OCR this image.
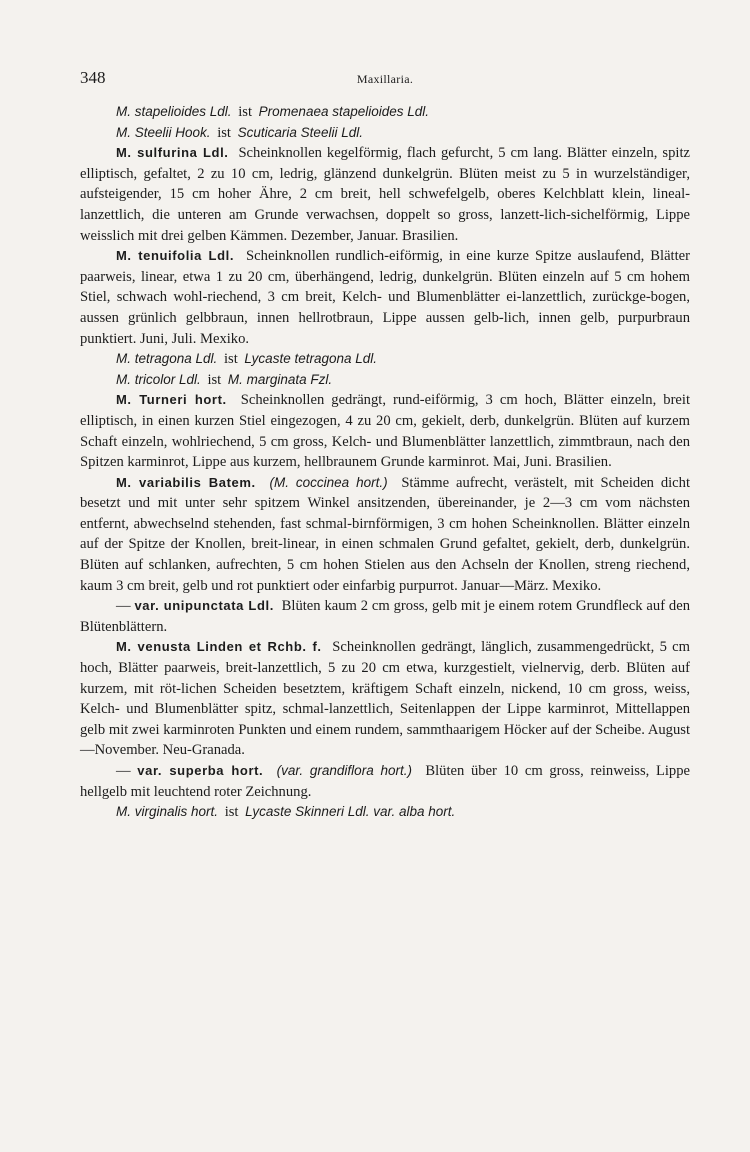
348	Maxillaria.

M. stapelioides Ldl. ist Promenaea stapelioides Ldl.

M. Steelii Hook. ist Scuticaria Steelii Ldl.

M. sulfurina Ldl. Scheinknollen kegelförmig, flach gefurcht, 5 cm lang. Blätter einzeln, spitz elliptisch, gefaltet, 2 zu 10 cm, ledrig, glänzend dunkelgrün. Blüten meist zu 5 in wurzelständiger, aufsteigender, 15 cm hoher Ähre, 2 cm breit, hell schwefelgelb, oberes Kelchblatt klein, lineal-lanzettlich, die unteren am Grunde verwachsen, doppelt so gross, lanzett-lich-sichelförmig, Lippe weisslich mit drei gelben Kämmen. Dezember, Januar. Brasilien.

M. tenuifolia Ldl. Scheinknollen rundlich-eiförmig, in eine kurze Spitze auslaufend, Blätter paarweis, linear, etwa 1 zu 20 cm, überhängend, ledrig, dunkelgrün. Blüten einzeln auf 5 cm hohem Stiel, schwach wohl-riechend, 3 cm breit, Kelch- und Blumenblätter ei-lanzettlich, zurückge-bogen, aussen grünlich gelbbraun, innen hellrotbraun, Lippe aussen gelb-lich, innen gelb, purpurbraun punktiert. Juni, Juli. Mexiko.

M. tetragona Ldl. ist Lycaste tetragona Ldl.

M. tricolor Ldl. ist M. marginata Fzl.

M. Turneri hort. Scheinknollen gedrängt, rund-eiförmig, 3 cm hoch, Blätter einzeln, breit elliptisch, in einen kurzen Stiel eingezogen, 4 zu 20 cm, gekielt, derb, dunkelgrün. Blüten auf kurzem Schaft einzeln, wohlriechend, 5 cm gross, Kelch- und Blumenblätter lanzettlich, zimmtbraun, nach den Spitzen karminrot, Lippe aus kurzem, hellbraunem Grunde karminrot. Mai, Juni. Brasilien.

M. variabilis Batem. (M. coccinea hort.) Stämme aufrecht, verästelt, mit Scheiden dicht besetzt und mit unter sehr spitzem Winkel ansitzenden, übereinander, je 2—3 cm vom nächsten entfernt, abwechselnd stehenden, fast schmal-birnförmigen, 3 cm hohen Scheinknollen. Blätter einzeln auf der Spitze der Knollen, breit-linear, in einen schmalen Grund gefaltet, gekielt, derb, dunkelgrün. Blüten auf schlanken, aufrechten, 5 cm hohen Stielen aus den Achseln der Knollen, streng riechend, kaum 3 cm breit, gelb und rot punktiert oder einfarbig purpurrot. Januar—März. Mexiko.

— var. unipunctata Ldl. Blüten kaum 2 cm gross, gelb mit je einem rotem Grundfleck auf den Blütenblättern.

M. venusta Linden et Rchb. f. Scheinknollen gedrängt, länglich, zusammengedrückt, 5 cm hoch, Blätter paarweis, breit-lanzettlich, 5 zu 20 cm etwa, kurzgestielt, vielnervig, derb. Blüten auf kurzem, mit röt-lichen Scheiden besetztem, kräftigem Schaft einzeln, nickend, 10 cm gross, weiss, Kelch- und Blumenblätter spitz, schmal-lanzettlich, Seitenlappen der Lippe karminrot, Mittellappen gelb mit zwei karminroten Punkten und einem rundem, sammthaarigem Höcker auf der Scheibe. August—November. Neu-Granada.

— var. superba hort. (var. grandiflora hort.) Blüten über 10 cm gross, reinweiss, Lippe hellgelb mit leuchtend roter Zeichnung.

M. virginalis hort. ist Lycaste Skinneri Ldl. var. alba hort.
